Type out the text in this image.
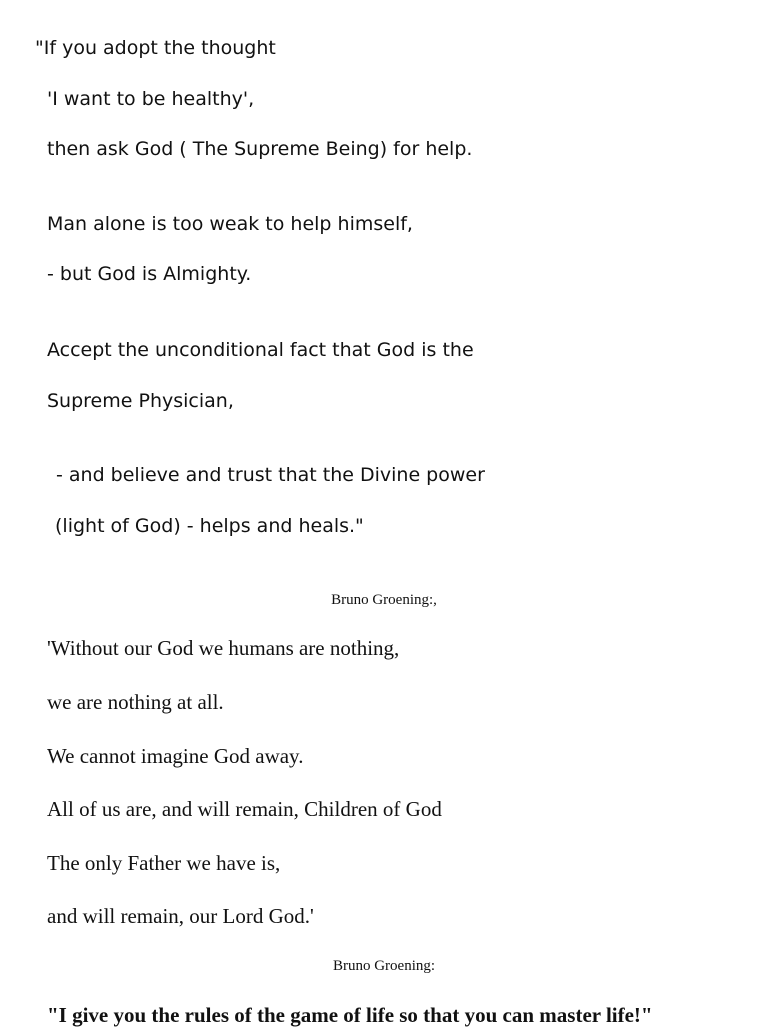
"If you adopt the thought
'I want to be healthy',
then ask God ( The Supreme Being) for help.
Man alone is too weak to help himself,
- but God is Almighty.
Accept the unconditional fact that God is the
Supreme Physician,
- and believe and trust that the Divine power
(light of God) - helps and heals."
Bruno Groening:,
'Without our God we humans are nothing,
we are nothing at all.
We cannot imagine God away.
All of us are, and will remain, Children of God
The only Father we have is,
and will remain, our Lord God.'
Bruno Groening:
"I give you the rules of the game of life so that you can master life!"
